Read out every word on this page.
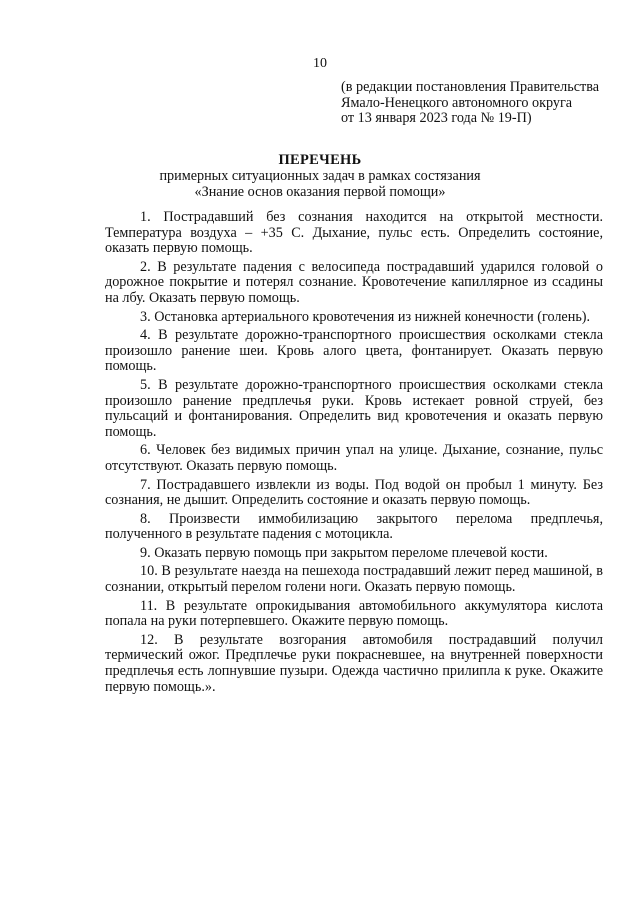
10
(в редакции постановления Правительства
Ямало-Ненецкого автономного округа
от 13 января 2023 года № 19-П)
ПЕРЕЧЕНЬ
примерных ситуационных задач в рамках состязания
«Знание основ оказания первой помощи»

1. Пострадавший без сознания находится на открытой местности. Температура воздуха – +35 С. Дыхание, пульс есть. Определить состояние, оказать первую помощь.

2. В результате падения с велосипеда пострадавший ударился головой о дорожное покрытие и потерял сознание. Кровотечение капиллярное из ссадины на лбу. Оказать первую помощь.

3. Остановка артериального кровотечения из нижней конечности (голень).

4. В результате дорожно-транспортного происшествия осколками стекла произошло ранение шеи. Кровь алого цвета, фонтанирует. Оказать первую помощь.

5. В результате дорожно-транспортного происшествия осколками стекла произошло ранение предплечья руки. Кровь истекает ровной струей, без пульсаций и фонтанирования. Определить вид кровотечения и оказать первую помощь.

6. Человек без видимых причин упал на улице. Дыхание, сознание, пульс отсутствуют. Оказать первую помощь.

7. Пострадавшего извлекли из воды. Под водой он пробыл 1 минуту. Без сознания, не дышит. Определить состояние и оказать первую помощь.

8. Произвести иммобилизацию закрытого перелома предплечья, полученного в результате падения с мотоцикла.

9. Оказать первую помощь при закрытом переломе плечевой кости.

10. В результате наезда на пешехода пострадавший лежит перед машиной, в сознании, открытый перелом голени ноги. Оказать первую помощь.

11. В результате опрокидывания автомобильного аккумулятора кислота попала на руки потерпевшего. Окажите первую помощь.

12. В результате возгорания автомобиля пострадавший получил термический ожог. Предплечье руки покрасневшее, на внутренней поверхности предплечья есть лопнувшие пузыри. Одежда частично прилипла к руке. Окажите первую помощь.».
